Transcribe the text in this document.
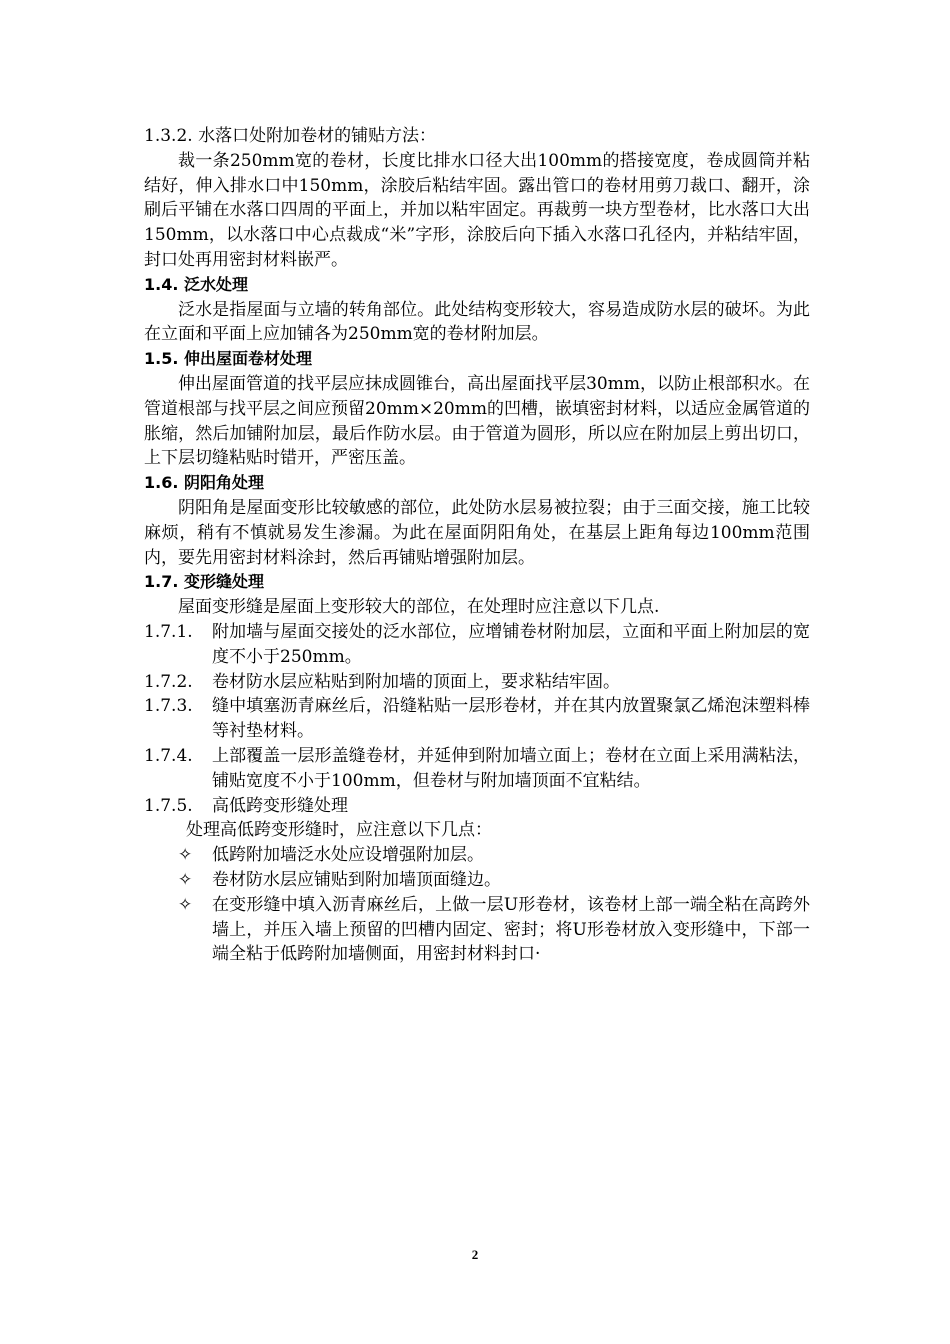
1.3.2. 水落口处附加卷材的铺贴方法：
裁一条250mm宽的卷材，长度比排水口径大出100mm的搭接宽度，卷成圆筒并粘结好，伸入排水口中150mm，涂胶后粘结牢固。露出管口的卷材用剪刀裁口、翻开，涂刷后平铺在水落口四周的平面上，并加以粘牢固定。再裁剪一块方型卷材，比水落口大出150mm，以水落口中心点裁成“米”字形，涂胶后向下插入水落口孔径内，并粘结牢固，封口处再用密封材料嵌严。
1.4. 泛水处理
泛水是指屋面与立墙的转角部位。此处结构变形较大，容易造成防水层的破坏。为此在立面和平面上应加铺各为250mm宽的卷材附加层。
1.5. 伸出屋面卷材处理
伸出屋面管道的找平层应抹成圆锥台，高出屋面找平层30mm，以防止根部积水。在管道根部与找平层之间应预留20mm×20mm的凹槽，嵌填密封材料，以适应金属管道的胀缩，然后加铺附加层，最后作防水层。由于管道为圆形，所以应在附加层上剪出切口，上下层切缝粘贴时错开，严密压盖。
1.6. 阴阳角处理
阴阳角是屋面变形比较敏感的部位，此处防水层易被拉裂；由于三面交接，施工比较麻烦，稍有不慎就易发生渗漏。为此在屋面阴阳角处，在基层上距角每边100mm范围内，要先用密封材料涂封，然后再铺贴增强附加层。
1.7. 变形缝处理
屋面变形缝是屋面上变形较大的部位，在处理时应注意以下几点.
1.7.1. 附加墙与屋面交接处的泛水部位，应增铺卷材附加层，立面和平面上附加层的宽度不小于250mm。
1.7.2. 卷材防水层应粘贴到附加墙的顶面上，要求粘结牢固。
1.7.3. 缝中填塞沥青麻丝后，沿缝粘贴一层形卷材，并在其内放置聚氯乙烯泡沫塑料棒等衬垫材料。
1.7.4. 上部覆盖一层形盖缝卷材，并延伸到附加墙立面上；卷材在立面上采用满粘法，铺贴宽度不小于100mm，但卷材与附加墙顶面不宜粘结。
1.7.5. 高低跨变形缝处理
处理高低跨变形缝时，应注意以下几点：
✧ 低跨附加墙泛水处应设增强附加层。
✧ 卷材防水层应铺贴到附加墙顶面缝边。
✧ 在变形缝中填入沥青麻丝后，上做一层U形卷材，该卷材上部一端全粘在高跨外墙上，并压入墙上预留的凹槽内固定、密封；将U形卷材放入变形缝中，下部一端全粘于低跨附加墙侧面，用密封材料封口·
2
